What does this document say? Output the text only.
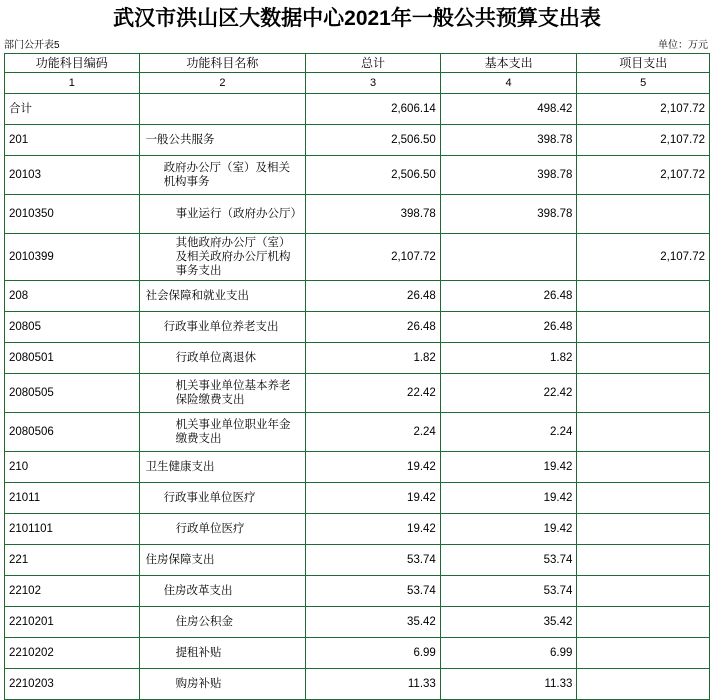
武汉市洪山区大数据中心2021年一般公共预算支出表
部门公开表5	单位：万元
功能科目编码	功能科目名称	总计	基本支出	项目支出
1	2	3	4	5
合计		2,606.14	498.42	2,107.72
201	一般公共服务	2,506.50	398.78	2,107.72
20103	政府办公厅（室）及相关机构事务	2,506.50	398.78	2,107.72
2010350	事业运行（政府办公厅）	398.78	398.78	
2010399	其他政府办公厅（室）及相关政府办公厅机构事务支出	2,107.72		2,107.72
208	社会保障和就业支出	26.48	26.48	
20805	行政事业单位养老支出	26.48	26.48	
2080501	行政单位离退休	1.82	1.82	
2080505	机关事业单位基本养老保险缴费支出	22.42	22.42	
2080506	机关事业单位职业年金缴费支出	2.24	2.24	
210	卫生健康支出	19.42	19.42	
21011	行政事业单位医疗	19.42	19.42	
2101101	行政单位医疗	19.42	19.42	
221	住房保障支出	53.74	53.74	
22102	住房改革支出	53.74	53.74	
2210201	住房公积金	35.42	35.42	
2210202	提租补贴	6.99	6.99	
2210203	购房补贴	11.33	11.33	
